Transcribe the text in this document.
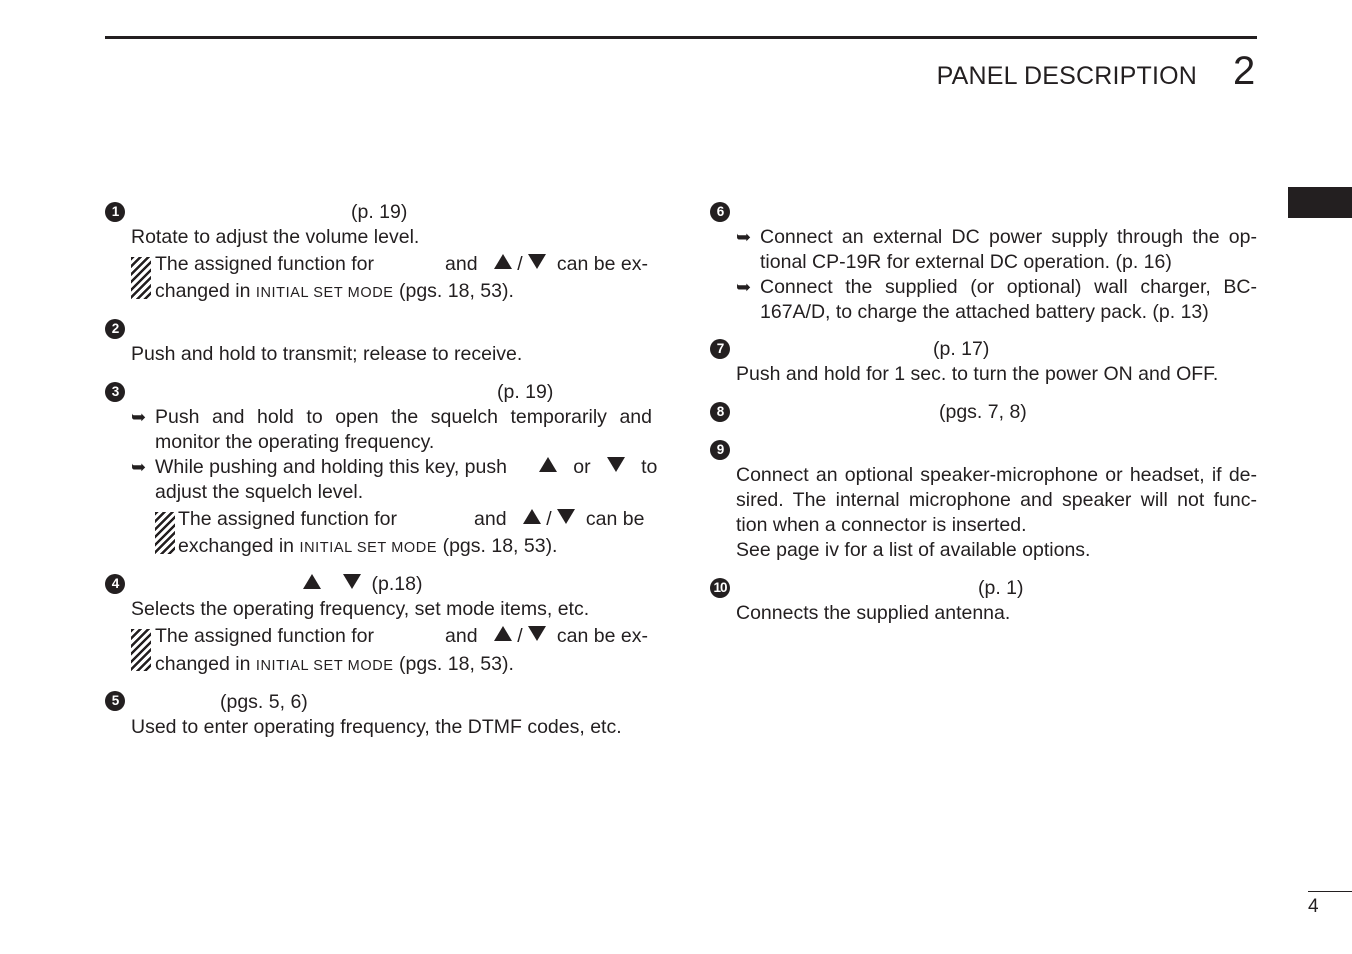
PANEL DESCRIPTION 2
1	(p. 19)
Rotate to adjust the volume level.
The assigned function for	and / can be ex-
changed in INITIAL SET MODE (pgs. 18, 53).
2
Push and hold to transmit; release to receive.
3	(p. 19)
➥ Push and hold to open the squelch temporarily and
monitor the operating frequency.
➥ While pushing and holding this key, push	or	to
adjust the squelch level.
The assigned function for	and / can be
exchanged in INITIAL SET MODE (pgs. 18, 53).
4	(p.18)
Selects the operating frequency, set mode items, etc.
The assigned function for	and / can be ex-
changed in INITIAL SET MODE (pgs. 18, 53).
5	(pgs. 5, 6)
Used to enter operating frequency, the DTMF codes, etc.
6
➥ Connect an external DC power supply through the op-
tional CP-19R for external DC operation. (p. 16)
➥ Connect the supplied (or optional) wall charger, BC-
167A/D, to charge the attached battery pack. (p. 13)
7	(p. 17)
Push and hold for 1 sec. to turn the power ON and OFF.
8	(pgs. 7, 8)
9
Connect an optional speaker-microphone or headset, if de-
sired. The internal microphone and speaker will not func-
tion when a connector is inserted.
See page iv for a list of available options.
10	(p. 1)
Connects the supplied antenna.
4
